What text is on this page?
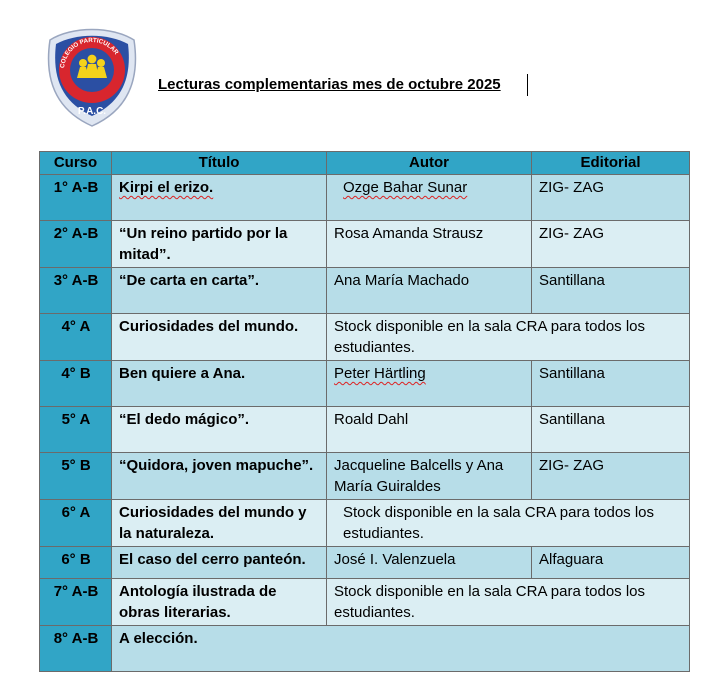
COLEGIO PARTICULAR
P.A.C.
Lecturas complementarias mes de octubre 2025
Curso	Título	Autor	Editorial
1° A-B	Kirpi el erizo.	Ozge Bahar Sunar	ZIG- ZAG
2° A-B	“Un reino partido por la mitad”.	Rosa Amanda Strausz	ZIG- ZAG
3° A-B	“De carta en carta”.	Ana María Machado	Santillana
4° A	Curiosidades del mundo.	Stock disponible en la sala CRA para todos los estudiantes.	
4° B	Ben quiere a Ana.	Peter Härtling	Santillana
5° A	“El dedo mágico”.	Roald Dahl	Santillana
5° B	“Quidora, joven mapuche”.	Jacqueline Balcells y Ana María Guiraldes	ZIG- ZAG
6° A	Curiosidades del mundo y la naturaleza.	Stock disponible en la sala CRA para todos los estudiantes.	
6° B	El caso del cerro panteón.	José I. Valenzuela	Alfaguara
7° A-B	Antología ilustrada de obras literarias.	Stock disponible en la sala CRA para todos los estudiantes.	
8° A-B	A elección.		
